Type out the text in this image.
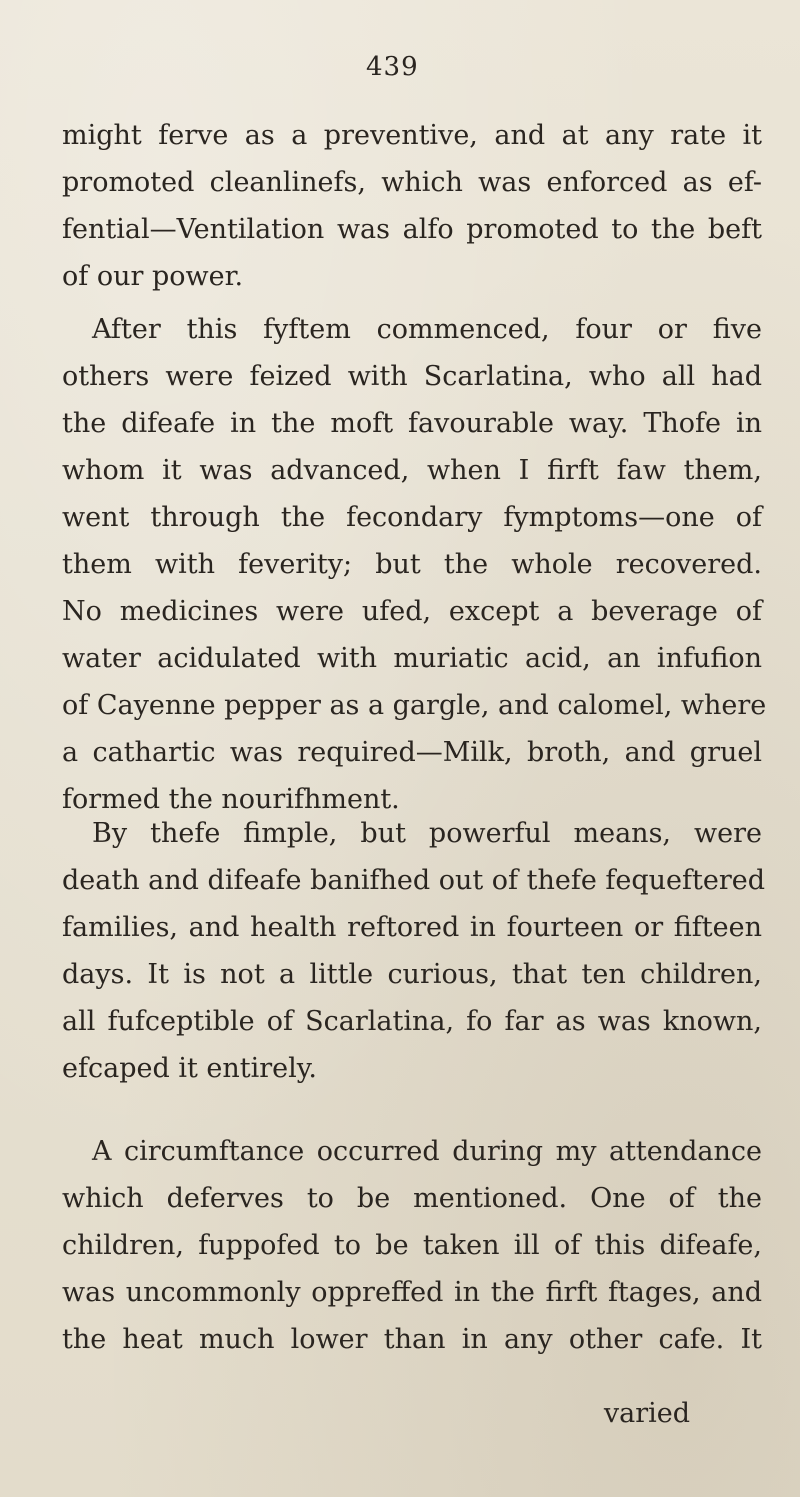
439
might ferve as a preventive, and at any rate it
promoted cleanlinefs, which was enforced as ef-
fential—Ventilation was alfo promoted to the beft
of our power.
After this fyftem commenced, four or five
others were feized with Scarlatina, who all had
the difeafe in the moft favourable way. Thofe in
whom it was advanced, when I firft faw them,
went through the fecondary fymptoms—one of
them with feverity; but the whole recovered.
No medicines were ufed, except a beverage of
water acidulated with muriatic acid, an infufion
of Cayenne pepper as a gargle, and calomel, where
a cathartic was required—Milk, broth, and gruel
formed the nourifhment.
By thefe fimple, but powerful means, were
death and difeafe banifhed out of thefe fequeftered
families, and health reftored in fourteen or fifteen
days. It is not a little curious, that ten children,
all fufceptible of Scarlatina, fo far as was known,
efcaped it entirely.
A circumftance occurred during my attendance
which deferves to be mentioned. One of the
children, fuppofed to be taken ill of this difeafe,
was uncommonly oppreffed in the firft ftages, and
the heat much lower than in any other cafe. It
varied
